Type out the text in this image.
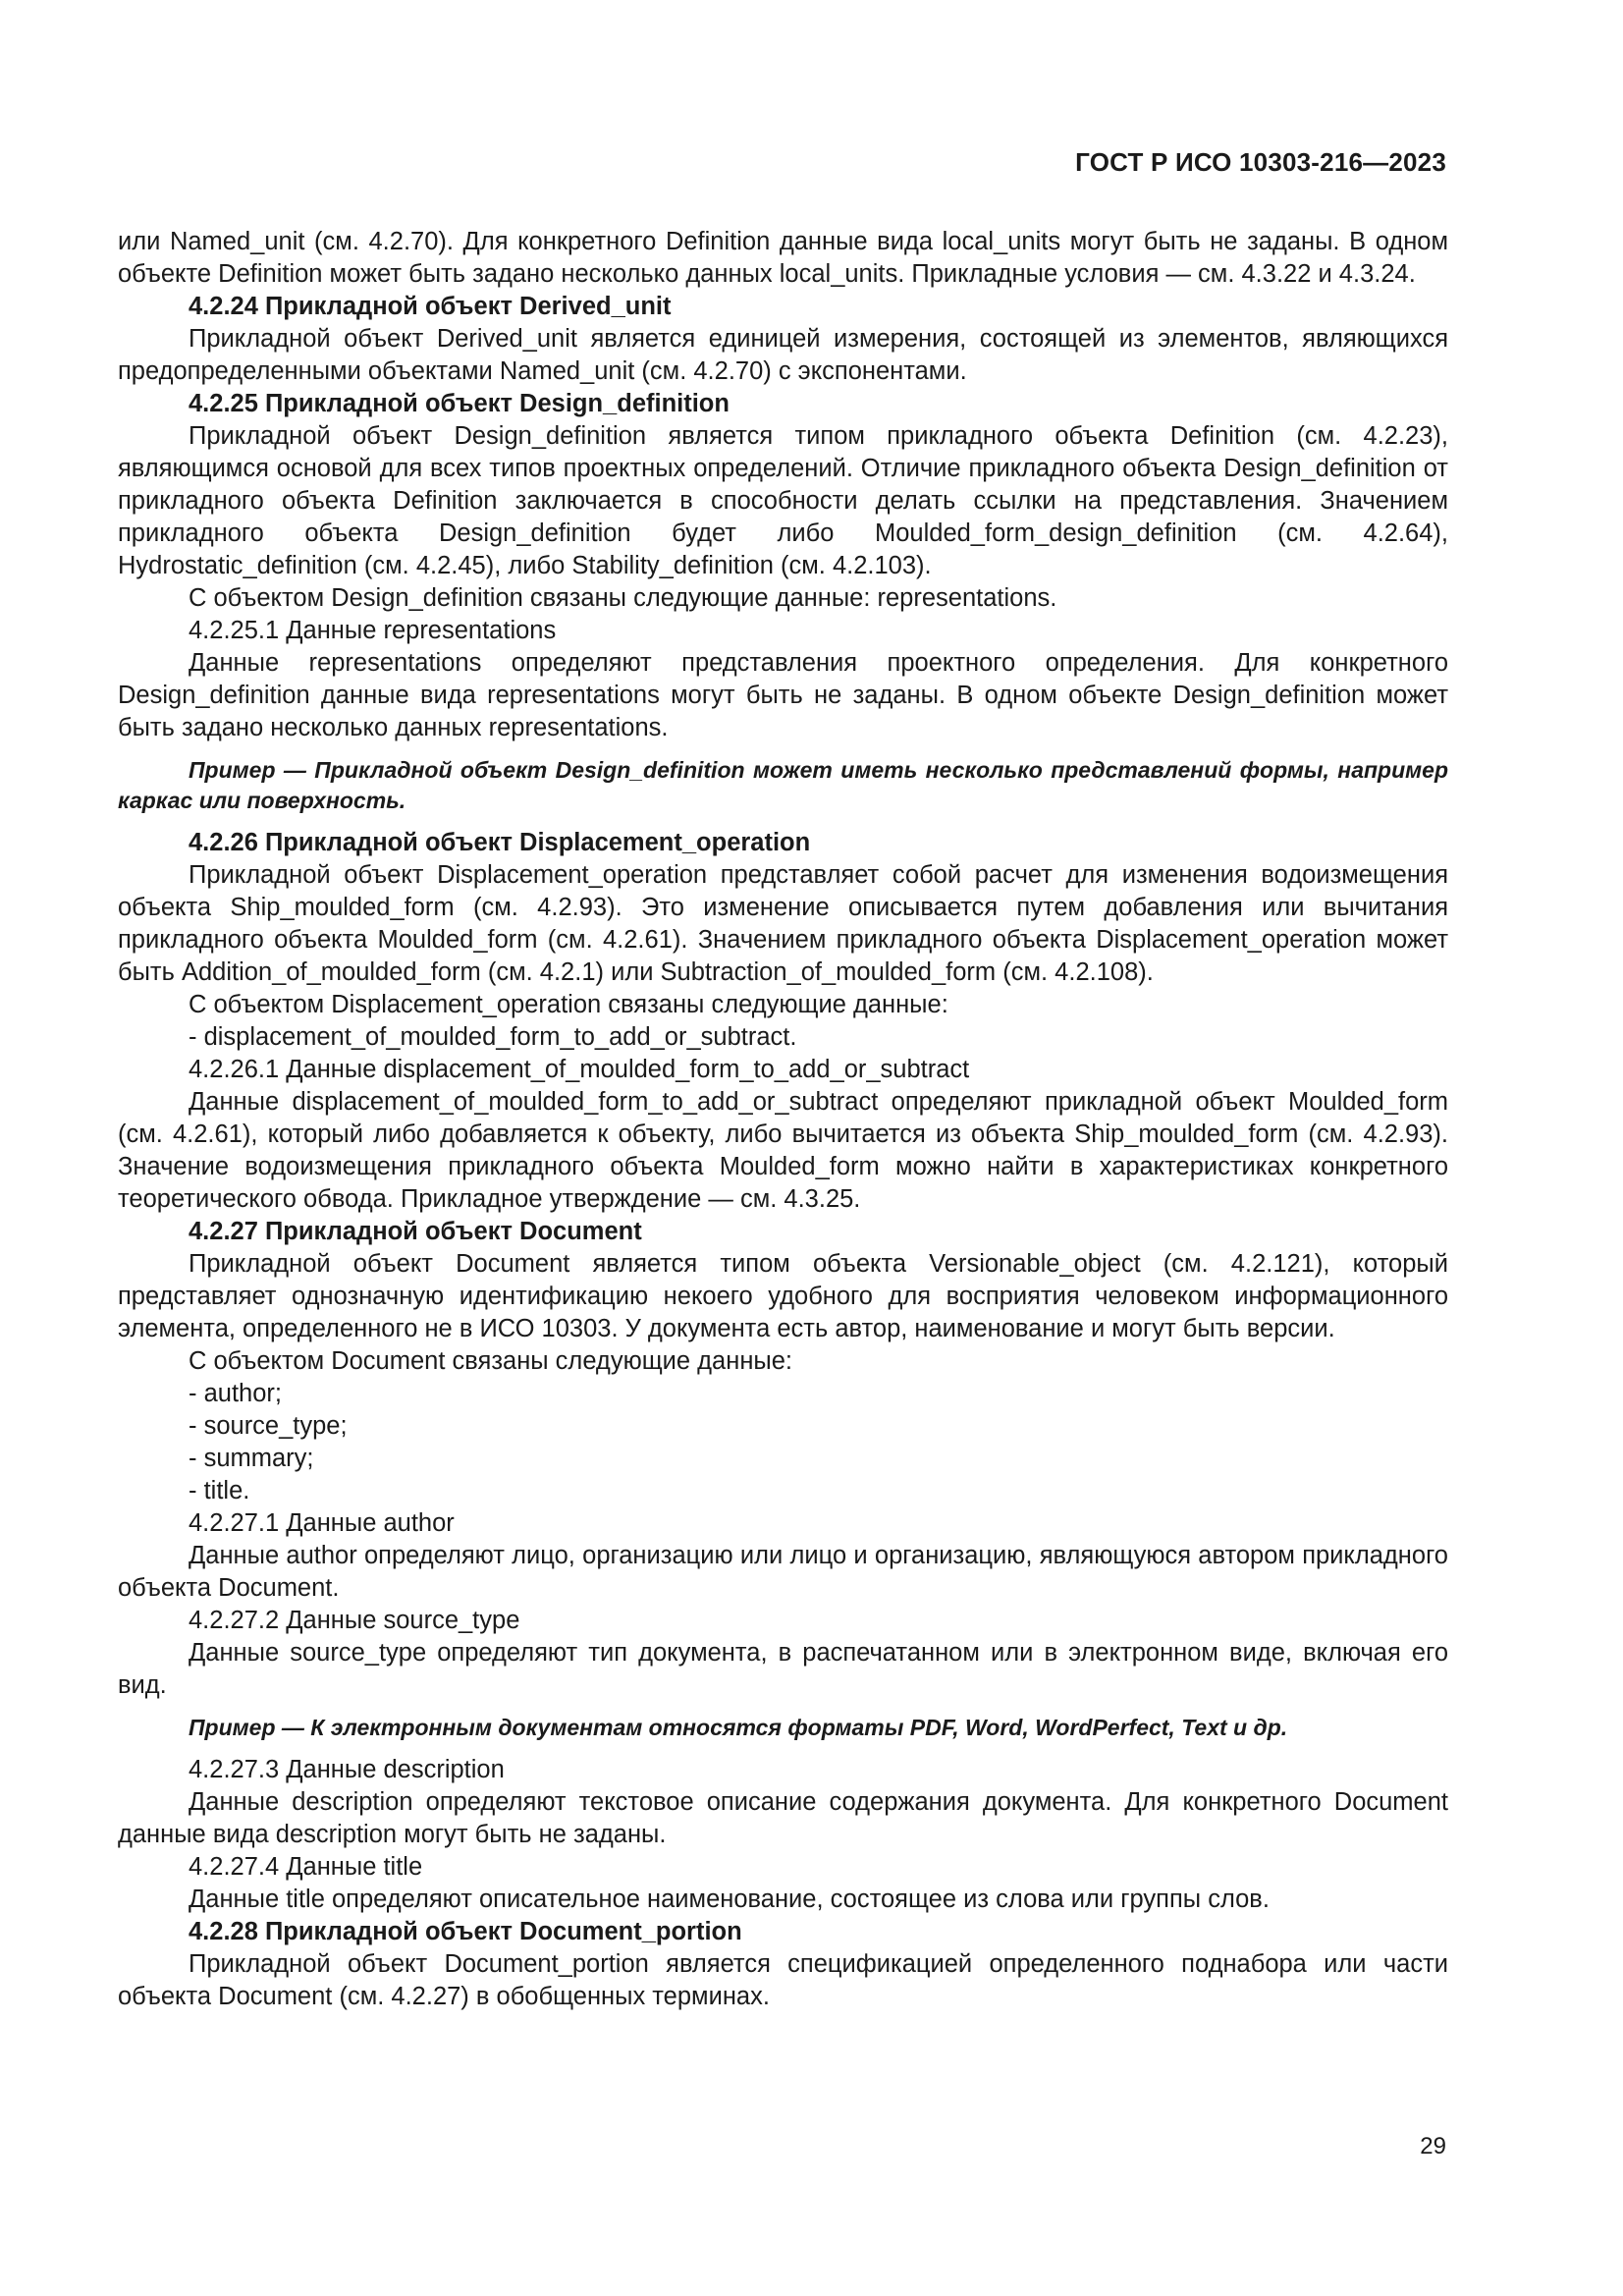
ГОСТ Р ИСО 10303-216—2023

или Named_unit (см. 4.2.70). Для конкретного Definition данные вида local_units могут быть не заданы. В одном объекте Definition может быть задано несколько данных local_units. Прикладные условия — см. 4.3.22 и 4.3.24.

4.2.24 Прикладной объект Derived_unit

Прикладной объект Derived_unit является единицей измерения, состоящей из элементов, являющихся предопределенными объектами Named_unit (см. 4.2.70) с экспонентами.

4.2.25 Прикладной объект Design_definition

Прикладной объект Design_definition является типом прикладного объекта Definition (см. 4.2.23), являющимся основой для всех типов проектных определений. Отличие прикладного объекта Design_definition от прикладного объекта Definition заключается в способности делать ссылки на представления. Значением прикладного объекта Design_definition будет либо Moulded_form_design_definition (см. 4.2.64), Hydrostatic_definition (см. 4.2.45), либо Stability_definition (см. 4.2.103).

С объектом Design_definition связаны следующие данные: representations.

4.2.25.1 Данные representations

Данные representations определяют представления проектного определения. Для конкретного Design_definition данные вида representations могут быть не заданы. В одном объекте Design_definition может быть задано несколько данных representations.

Пример — Прикладной объект Design_definition может иметь несколько представлений формы, например каркас или поверхность.

4.2.26 Прикладной объект Displacement_operation

Прикладной объект Displacement_operation представляет собой расчет для изменения водоизмещения объекта Ship_moulded_form (см. 4.2.93). Это изменение описывается путем добавления или вычитания прикладного объекта Moulded_form (см. 4.2.61). Значением прикладного объекта Displacement_operation может быть Addition_of_moulded_form (см. 4.2.1) или Subtraction_of_moulded_form (см. 4.2.108).

С объектом Displacement_operation связаны следующие данные:

- displacement_of_moulded_form_to_add_or_subtract.

4.2.26.1 Данные displacement_of_moulded_form_to_add_or_subtract

Данные displacement_of_moulded_form_to_add_or_subtract определяют прикладной объект Moulded_form (см. 4.2.61), который либо добавляется к объекту, либо вычитается из объекта Ship_moulded_form (см. 4.2.93). Значение водоизмещения прикладного объекта Moulded_form можно найти в характеристиках конкретного теоретического обвода. Прикладное утверждение — см. 4.3.25.

4.2.27 Прикладной объект Document

Прикладной объект Document является типом объекта Versionable_object (см. 4.2.121), который представляет однозначную идентификацию некоего удобного для восприятия человеком информационного элемента, определенного не в ИСО 10303. У документа есть автор, наименование и могут быть версии.

С объектом Document связаны следующие данные:

- author;

- source_type;

- summary;

- title.

4.2.27.1 Данные author

Данные author определяют лицо, организацию или лицо и организацию, являющуюся автором прикладного объекта Document.

4.2.27.2 Данные source_type

Данные source_type определяют тип документа, в распечатанном или в электронном виде, включая его вид.

Пример — К электронным документам относятся форматы PDF, Word, WordPerfect, Text и др.

4.2.27.3 Данные description

Данные description определяют текстовое описание содержания документа. Для конкретного Document данные вида description могут быть не заданы.

4.2.27.4 Данные title

Данные title определяют описательное наименование, состоящее из слова или группы слов.

4.2.28 Прикладной объект Document_portion

Прикладной объект Document_portion является спецификацией определенного поднабора или части объекта Document (см. 4.2.27) в обобщенных терминах.

29
